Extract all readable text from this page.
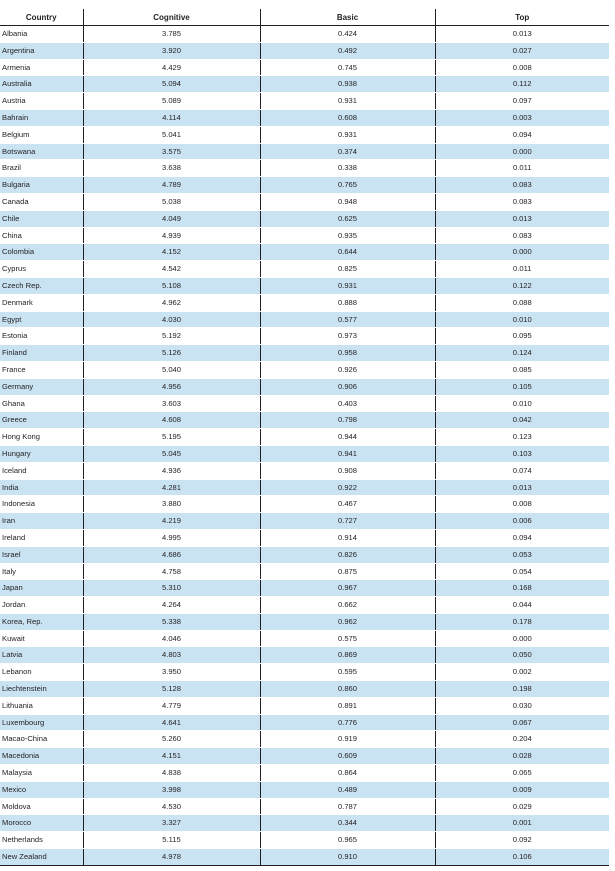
Country	Cognitive	Basic	Top
Albania	3.785	0.424	0.013
Argentina	3.920	0.492	0.027
Armenia	4.429	0.745	0.008
Australia	5.094	0.938	0.112
Austria	5.089	0.931	0.097
Bahrain	4.114	0.608	0.003
Belgium	5.041	0.931	0.094
Botswana	3.575	0.374	0.000
Brazil	3.638	0.338	0.011
Bulgaria	4.789	0.765	0.083
Canada	5.038	0.948	0.083
Chile	4.049	0.625	0.013
China	4.939	0.935	0.083
Colombia	4.152	0.644	0.000
Cyprus	4.542	0.825	0.011
Czech Rep.	5.108	0.931	0.122
Denmark	4.962	0.888	0.088
Egypt	4.030	0.577	0.010
Estonia	5.192	0.973	0.095
Finland	5.126	0.958	0.124
France	5.040	0.926	0.085
Germany	4.956	0.906	0.105
Ghana	3.603	0.403	0.010
Greece	4.608	0.798	0.042
Hong Kong	5.195	0.944	0.123
Hungary	5.045	0.941	0.103
Iceland	4.936	0.908	0.074
India	4.281	0.922	0.013
Indonesia	3.880	0.467	0.008
Iran	4.219	0.727	0.006
Ireland	4.995	0.914	0.094
Israel	4.686	0.826	0.053
Italy	4.758	0.875	0.054
Japan	5.310	0.967	0.168
Jordan	4.264	0.662	0.044
Korea, Rep.	5.338	0.962	0.178
Kuwait	4.046	0.575	0.000
Latvia	4.803	0.869	0.050
Lebanon	3.950	0.595	0.002
Liechtenstein	5.128	0.860	0.198
Lithuania	4.779	0.891	0.030
Luxembourg	4.641	0.776	0.067
Macao-China	5.260	0.919	0.204
Macedonia	4.151	0.609	0.028
Malaysia	4.838	0.864	0.065
Mexico	3.998	0.489	0.009
Moldova	4.530	0.787	0.029
Morocco	3.327	0.344	0.001
Netherlands	5.115	0.965	0.092
New Zealand	4.978	0.910	0.106
